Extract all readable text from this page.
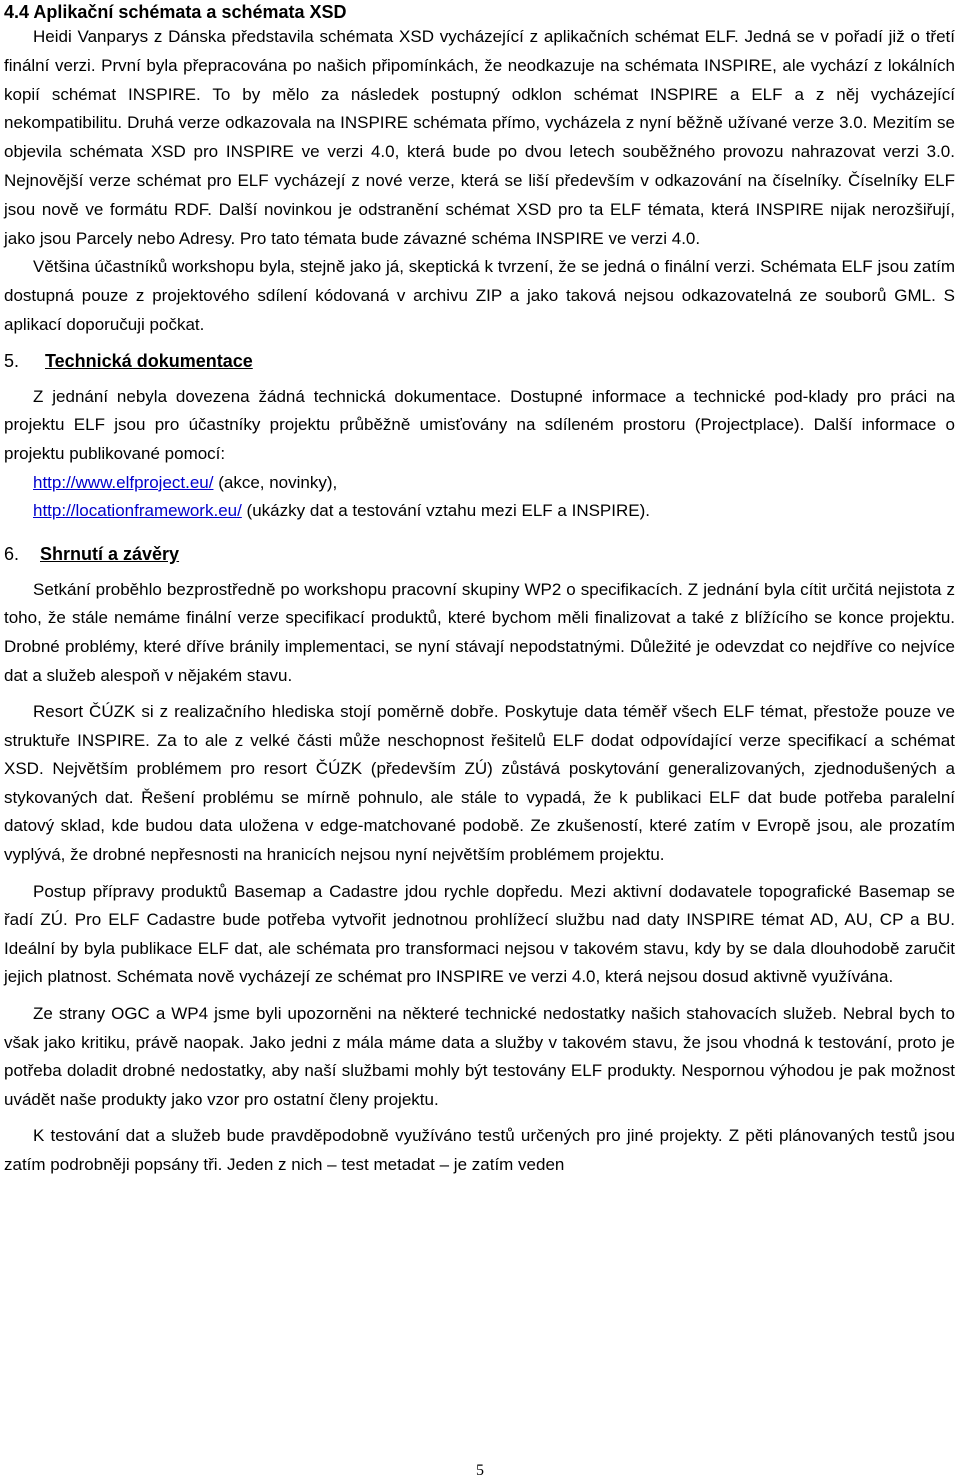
4.4 Aplikační schémata a schémata XSD

Heidi Vanparys z Dánska představila schémata XSD vycházející z aplikačních schémat ELF. Jedná se v pořadí již o třetí finální verzi. První byla přepracována po našich připomínkách, že neodkazuje na schémata INSPIRE, ale vychází z lokálních kopií schémat INSPIRE. To by mělo za následek postupný odklon schémat INSPIRE a ELF a z něj vycházející nekompatibilitu. Druhá verze odkazovala na INSPIRE schémata přímo, vycházela z nyní běžně užívané verze 3.0. Mezitím se objevila schémata XSD pro INSPIRE ve verzi 4.0, která bude po dvou letech souběžného provozu nahrazovat verzi 3.0. Nejnovější verze schémat pro ELF vycházejí z nové verze, která se liší především v odkazování na číselníky. Číselníky ELF jsou nově ve formátu RDF. Další novinkou je odstranění schémat XSD pro ta ELF témata, která INSPIRE nijak nerozšiřují, jako jsou Parcely nebo Adresy. Pro tato témata bude závazné schéma INSPIRE ve verzi 4.0.

Většina účastníků workshopu byla, stejně jako já, skeptická k tvrzení, že se jedná o finální verzi. Schémata ELF jsou zatím dostupná pouze z projektového sdílení kódovaná v archivu ZIP a jako taková nejsou odkazovatelná ze souborů GML. S aplikací doporučuji počkat.

5.	Technická dokumentace

Z jednání nebyla dovezena žádná technická dokumentace. Dostupné informace a technické pod-klady pro práci na projektu ELF jsou pro účastníky projektu průběžně umisťovány na sdíleném prostoru (Projectplace). Další informace o projektu publikované pomocí:

http://www.elfproject.eu/ (akce, novinky),
http://locationframework.eu/ (ukázky dat a testování vztahu mezi ELF a INSPIRE).
6.	Shrnutí a závěry

Setkání proběhlo bezprostředně po workshopu pracovní skupiny WP2 o specifikacích. Z jednání byla cítit určitá nejistota z toho, že stále nemáme finální verze specifikací produktů, které bychom měli finalizovat a také z blížícího se konce projektu. Drobné problémy, které dříve bránily implementaci, se nyní stávají nepodstatnými. Důležité je odevzdat co nejdříve co nejvíce dat a služeb alespoň v nějakém stavu.

Resort ČÚZK si z realizačního hlediska stojí poměrně dobře. Poskytuje data téměř všech ELF témat, přestože pouze ve struktuře INSPIRE. Za to ale z velké části může neschopnost řešitelů ELF dodat odpovídající verze specifikací a schémat XSD. Největším problémem pro resort ČÚZK (především ZÚ) zůstává poskytování generalizovaných, zjednodušených a stykovaných dat. Řešení problému se mírně pohnulo, ale stále to vypadá, že k publikaci ELF dat bude potřeba paralelní datový sklad, kde budou data uložena v edge-matchované podobě. Ze zkušeností, které zatím v Evropě jsou, ale prozatím vyplývá, že drobné nepřesnosti na hranicích nejsou nyní největším problémem projektu.

Postup přípravy produktů Basemap a Cadastre jdou rychle dopředu. Mezi aktivní dodavatele topografické Basemap se řadí ZÚ. Pro ELF Cadastre bude potřeba vytvořit jednotnou prohlížecí službu nad daty INSPIRE témat AD, AU, CP a BU. Ideální by byla publikace ELF dat, ale schémata pro transformaci nejsou v takovém stavu, kdy by se dala dlouhodobě zaručit jejich platnost. Schémata nově vycházejí ze schémat pro INSPIRE ve verzi 4.0, která nejsou dosud aktivně využívána.

Ze strany OGC a WP4 jsme byli upozorněni na některé technické nedostatky našich stahovacích služeb. Nebral bych to však jako kritiku, právě naopak. Jako jedni z mála máme data a služby v takovém stavu, že jsou vhodná k testování, proto je potřeba doladit drobné nedostatky, aby naší službami mohly být testovány ELF produkty. Nespornou výhodou je pak možnost uvádět naše produkty jako vzor pro ostatní členy projektu.

K testování dat a služeb bude pravděpodobně využíváno testů určených pro jiné projekty. Z pěti plánovaných testů jsou zatím podrobněji popsány tři. Jeden z nich – test metadat – je zatím veden

5
